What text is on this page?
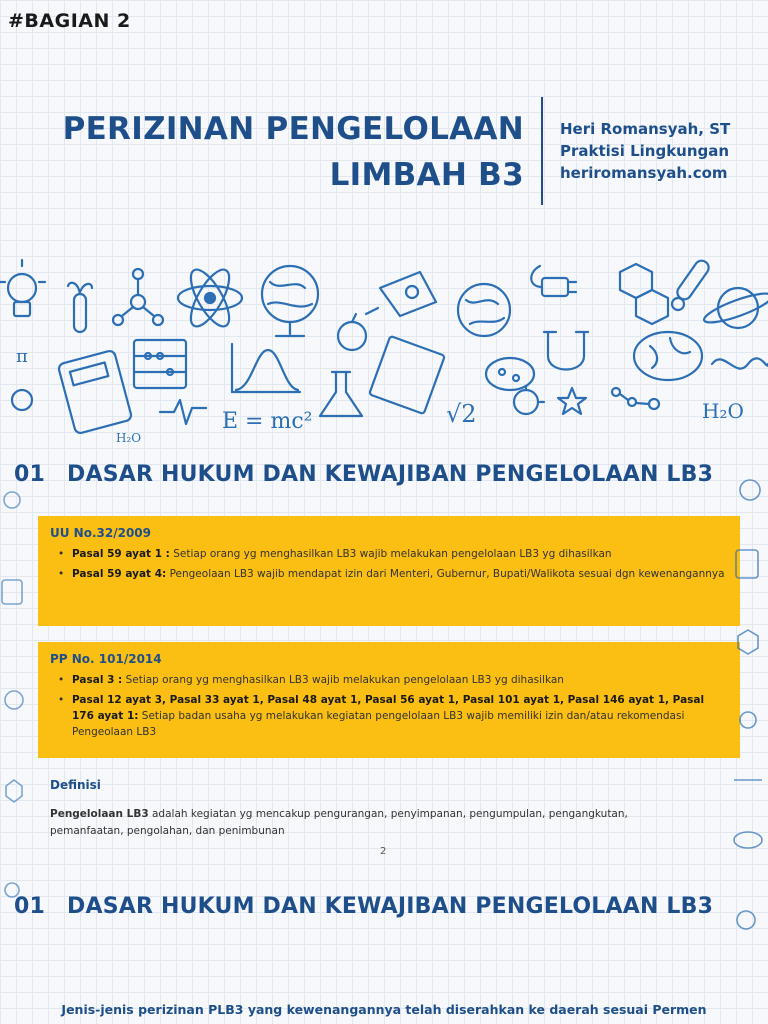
#BAGIAN 2
PERIZINAN PENGELOLAAN
LIMBAH B3
Heri Romansyah, ST
Praktisi Lingkungan
heriromansyah.com
E = mc²	√2	H₂O
π
H₂O
01 DASAR HUKUM DAN KEWAJIBAN PENGELOLAAN LB3
UU No.32/2009
• Pasal 59 ayat 1 : Setiap orang yg menghasilkan LB3 wajib melakukan pengelolaan LB3 yg dihasilkan
• Pasal 59 ayat 4: Pengeolaan LB3 wajib mendapat izin dari Menteri, Gubernur, Bupati/Walikota sesuai dgn kewenangannya
PP No. 101/2014
• Pasal 3 : Setiap orang yg menghasilkan LB3 wajib melakukan pengelolaan LB3 yg dihasilkan
• Pasal 12 ayat 3, Pasal 33 ayat 1, Pasal 48 ayat 1, Pasal 56 ayat 1, Pasal 101 ayat 1, Pasal 146 ayat 1, Pasal 176 ayat 1: Setiap badan usaha yg melakukan kegiatan pengelolaan LB3 wajib memiliki izin dan/atau rekomendasi Pengeolaan LB3
Definisi
Pengelolaan LB3 adalah kegiatan yg mencakup pengurangan, penyimpanan, pengumpulan, pengangkutan, pemanfaatan, pengolahan, dan penimbunan
2
01 DASAR HUKUM DAN KEWAJIBAN PENGELOLAAN LB3
Jenis-jenis perizinan PLB3 yang kewenangannya telah diserahkan ke daerah sesuai Permen
